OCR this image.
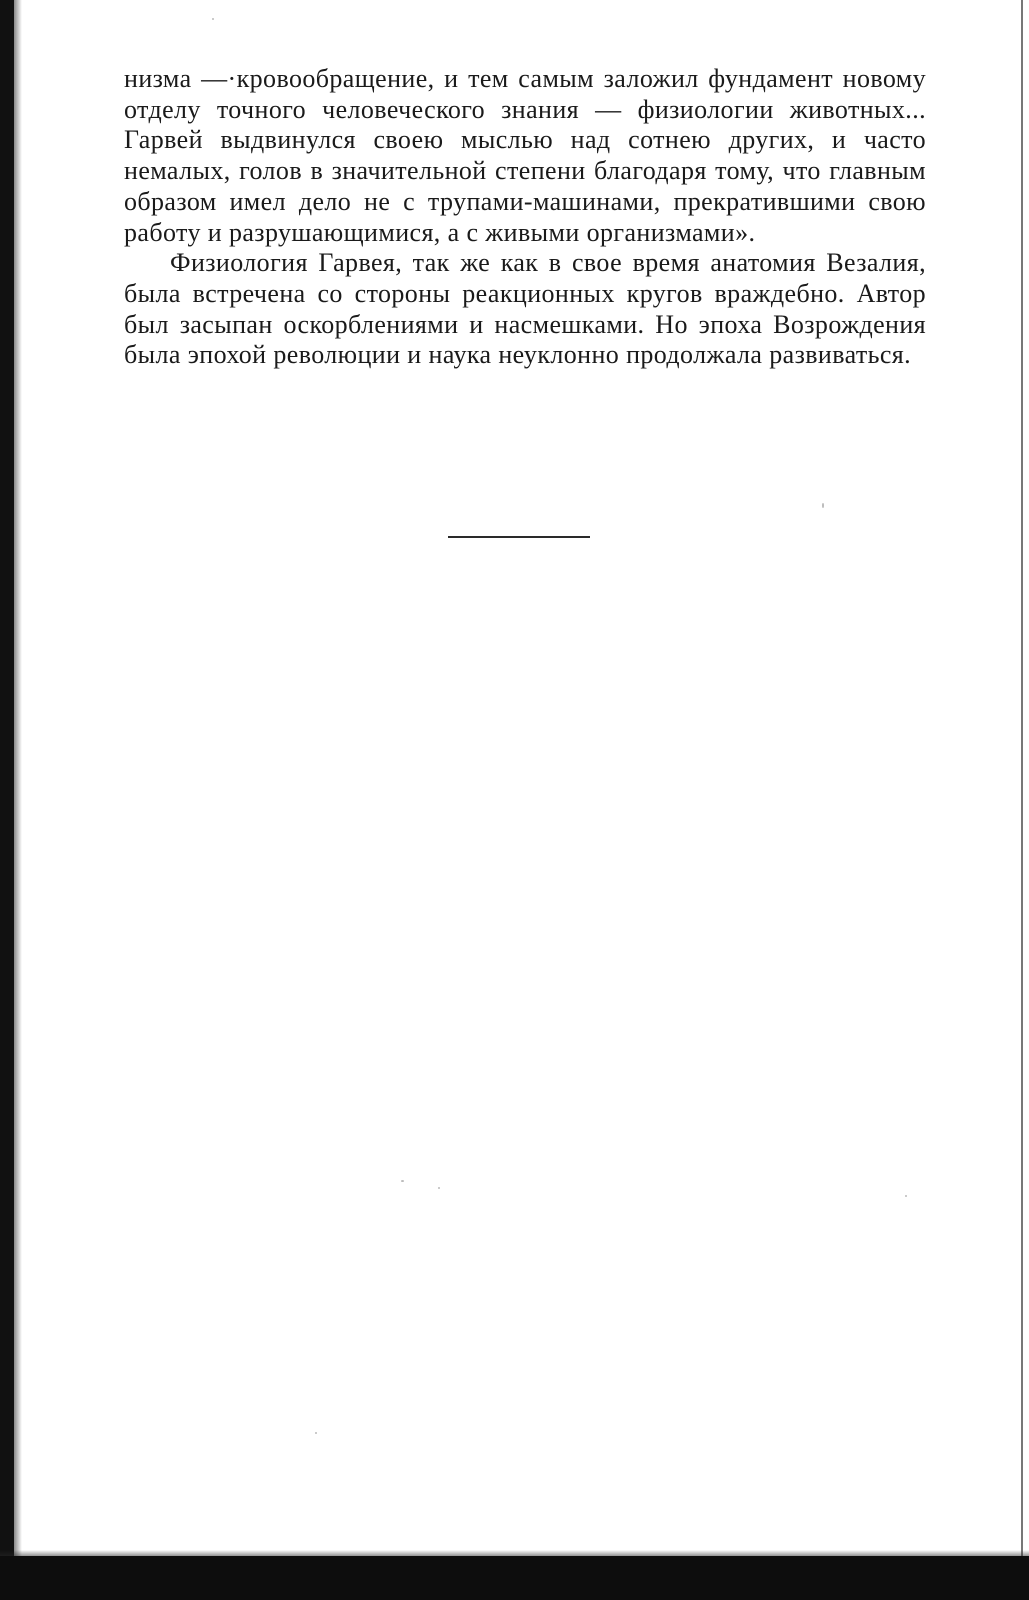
низма —·кровообращение, и тем самым заложил фундамент новому отделу точного человеческого знания — физиологии животных... Гарвей выдвинулся своею мыслью над сотнею других, и часто немалых, голов в значительной степени благодаря тому, что главным образом имел дело не с трупами-машинами, прекратившими свою работу и разрушающимися, а с живыми организмами».

Физиология Гарвея, так же как в свое время анатомия Везалия, была встречена со стороны реакционных кругов враждебно. Автор был засыпан оскорблениями и насмешками. Но эпоха Возрождения была эпохой революции и наука неуклонно продолжала развиваться.
